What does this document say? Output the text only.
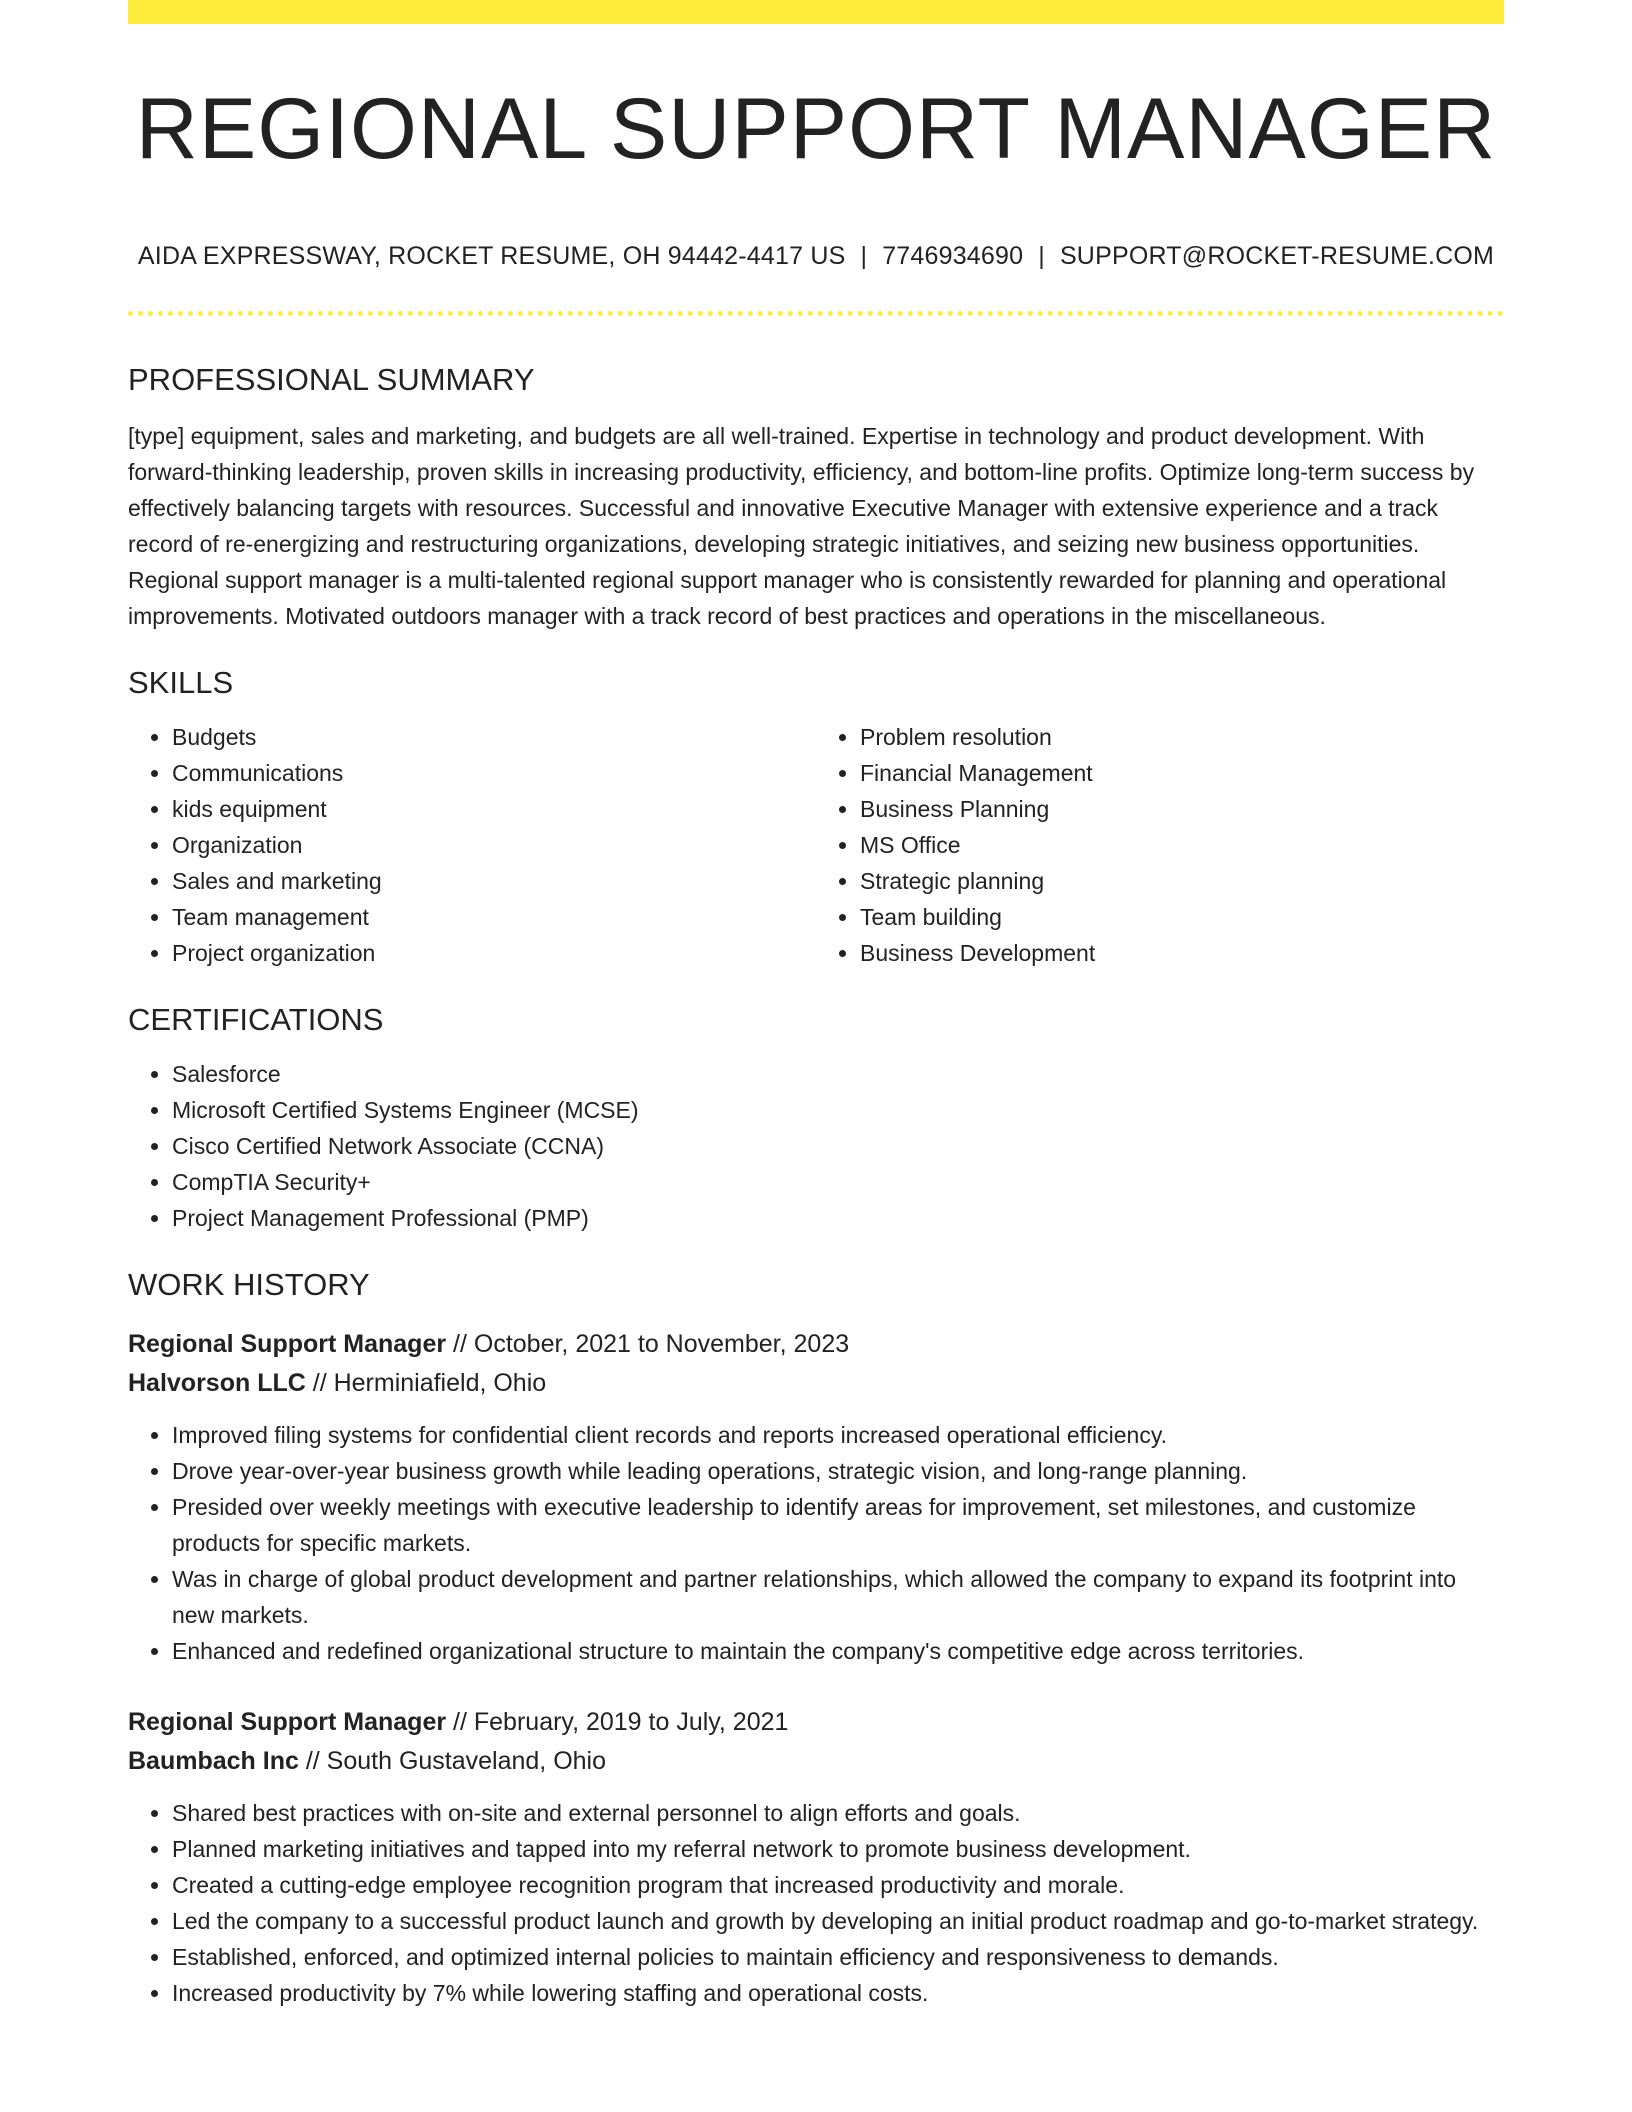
REGIONAL SUPPORT MANAGER
AIDA EXPRESSWAY, ROCKET RESUME, OH 94442-4417 US | 7746934690 | SUPPORT@ROCKET-RESUME.COM
PROFESSIONAL SUMMARY

[type] equipment, sales and marketing, and budgets are all well-trained. Expertise in technology and product development. With forward-thinking leadership, proven skills in increasing productivity, efficiency, and bottom-line profits. Optimize long-term success by effectively balancing targets with resources. Successful and innovative Executive Manager with extensive experience and a track record of re-energizing and restructuring organizations, developing strategic initiatives, and seizing new business opportunities. Regional support manager is a multi-talented regional support manager who is consistently rewarded for planning and operational improvements. Motivated outdoors manager with a track record of best practices and operations in the miscellaneous.

SKILLS
• Budgets
• Communications
• kids equipment
• Organization
• Sales and marketing
• Team management
• Project organization
• Problem resolution
• Financial Management
• Business Planning
• MS Office
• Strategic planning
• Team building
• Business Development
CERTIFICATIONS
• Salesforce
• Microsoft Certified Systems Engineer (MCSE)
• Cisco Certified Network Associate (CCNA)
• CompTIA Security+
• Project Management Professional (PMP)
WORK HISTORY
Regional Support Manager // October, 2021 to November, 2023
Halvorson LLC // Herminiafield, Ohio
• Improved filing systems for confidential client records and reports increased operational efficiency.
• Drove year-over-year business growth while leading operations, strategic vision, and long-range planning.
• Presided over weekly meetings with executive leadership to identify areas for improvement, set milestones, and customize products for specific markets.
• Was in charge of global product development and partner relationships, which allowed the company to expand its footprint into new markets.
• Enhanced and redefined organizational structure to maintain the company's competitive edge across territories.
Regional Support Manager // February, 2019 to July, 2021
Baumbach Inc // South Gustaveland, Ohio
• Shared best practices with on-site and external personnel to align efforts and goals.
• Planned marketing initiatives and tapped into my referral network to promote business development.
• Created a cutting-edge employee recognition program that increased productivity and morale.
• Led the company to a successful product launch and growth by developing an initial product roadmap and go-to-market strategy.
• Established, enforced, and optimized internal policies to maintain efficiency and responsiveness to demands.
• Increased productivity by 7% while lowering staffing and operational costs.
